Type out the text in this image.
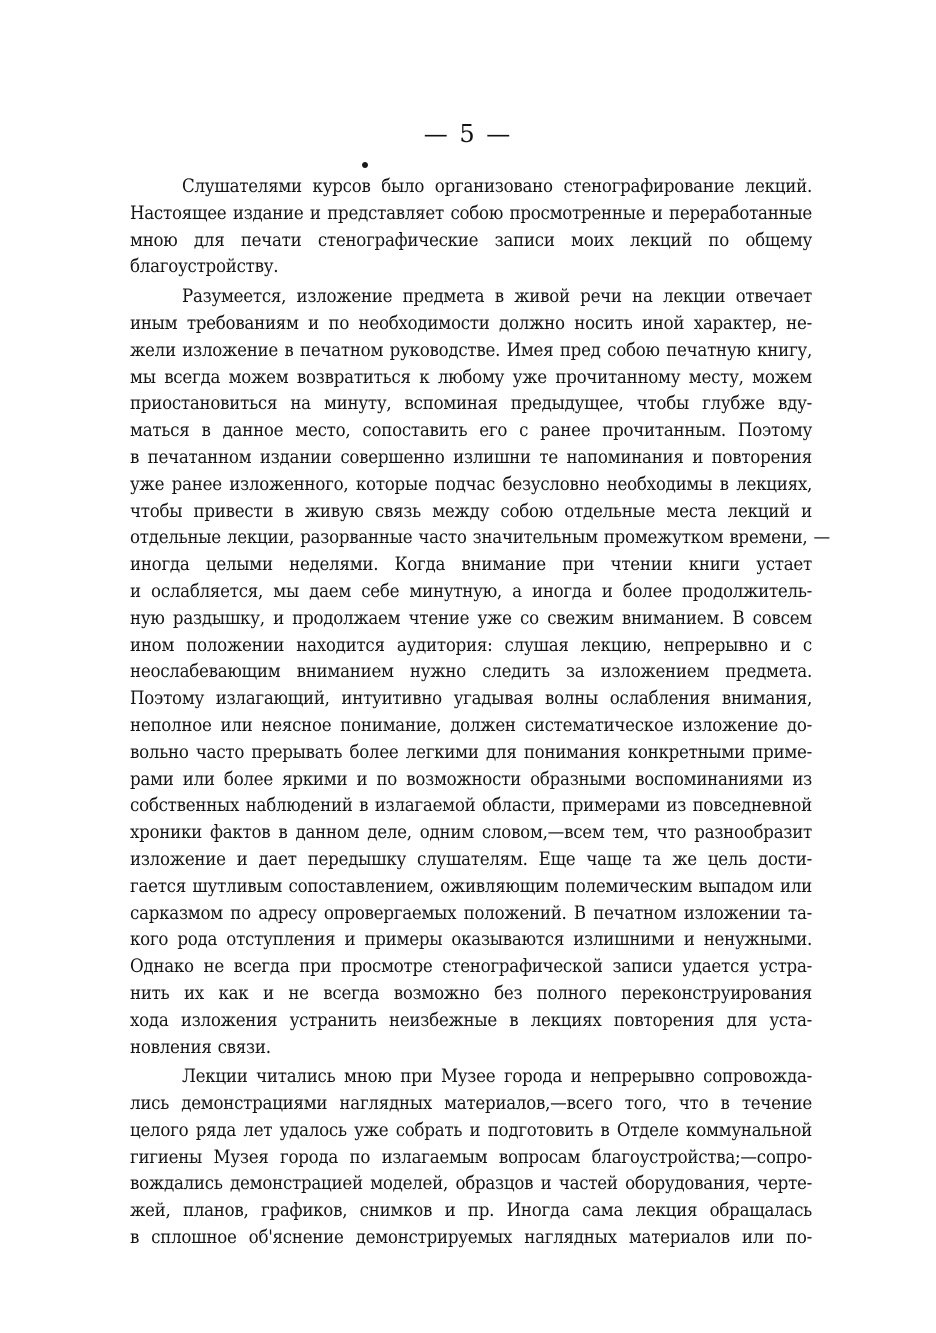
— 5 —

Слушателями курсов было организовано стенографирование лекций.
Настоящее издание и представляет собою просмотренные и переработанные
мною для печати стенографические записи моих лекций по общему
благоустройству.

Разумеется, изложение предмета в живой речи на лекции отвечает
иным требованиям и по необходимости должно носить иной характер, не-
жели изложение в печатном руководстве. Имея пред собою печатную книгу,
мы всегда можем возвратиться к любому уже прочитанному месту, можем
приостановиться на минуту, вспоминая предыдущее, чтобы глубже вду-
маться в данное место, сопоставить его с ранее прочитанным. Поэтому
в печатанном издании совершенно излишни те напоминания и повторения
уже ранее изложенного, которые подчас безусловно необходимы в лекциях,
чтобы привести в живую связь между собою отдельные места лекций и
отдельные лекции, разорванные часто значительным промежутком времени, —
иногда целыми неделями. Когда внимание при чтении книги устает
и ослабляется, мы даем себе минутную, а иногда и более продолжитель-
ную раздышку, и продолжаем чтение уже со свежим вниманием. В совсем
ином положении находится аудитория: слушая лекцию, непрерывно и с
неослабевающим вниманием нужно следить за изложением предмета.
Поэтому излагающий, интуитивно угадывая волны ослабления внимания,
неполное или неясное понимание, должен систематическое изложение до-
вольно часто прерывать более легкими для понимания конкретными приме-
рами или более яркими и по возможности образными воспоминаниями из
собственных наблюдений в излагаемой области, примерами из повседневной
хроники фактов в данном деле, одним словом,—всем тем, что разнообразит
изложение и дает передышку слушателям. Еще чаще та же цель дости-
гается шутливым сопоставлением, оживляющим полемическим выпадом или
сарказмом по адресу опровергаемых положений. В печатном изложении та-
кого рода отступления и примеры оказываются излишними и ненужными.
Однако не всегда при просмотре стенографической записи удается устра-
нить их как и не всегда возможно без полного переконструирования
хода изложения устранить неизбежные в лекциях повторения для уста-
новления связи.

Лекции читались мною при Музее города и непрерывно сопровожда-
лись демонстрациями наглядных материалов,—всего того, что в течение
целого ряда лет удалось уже собрать и подготовить в Отделе коммунальной
гигиены Музея города по излагаемым вопросам благоустройства;—сопро-
вождались демонстрацией моделей, образцов и частей оборудования, черте-
жей, планов, графиков, снимков и пр. Иногда сама лекция обращалась
в сплошное об'яснение демонстрируемых наглядных материалов или по-
